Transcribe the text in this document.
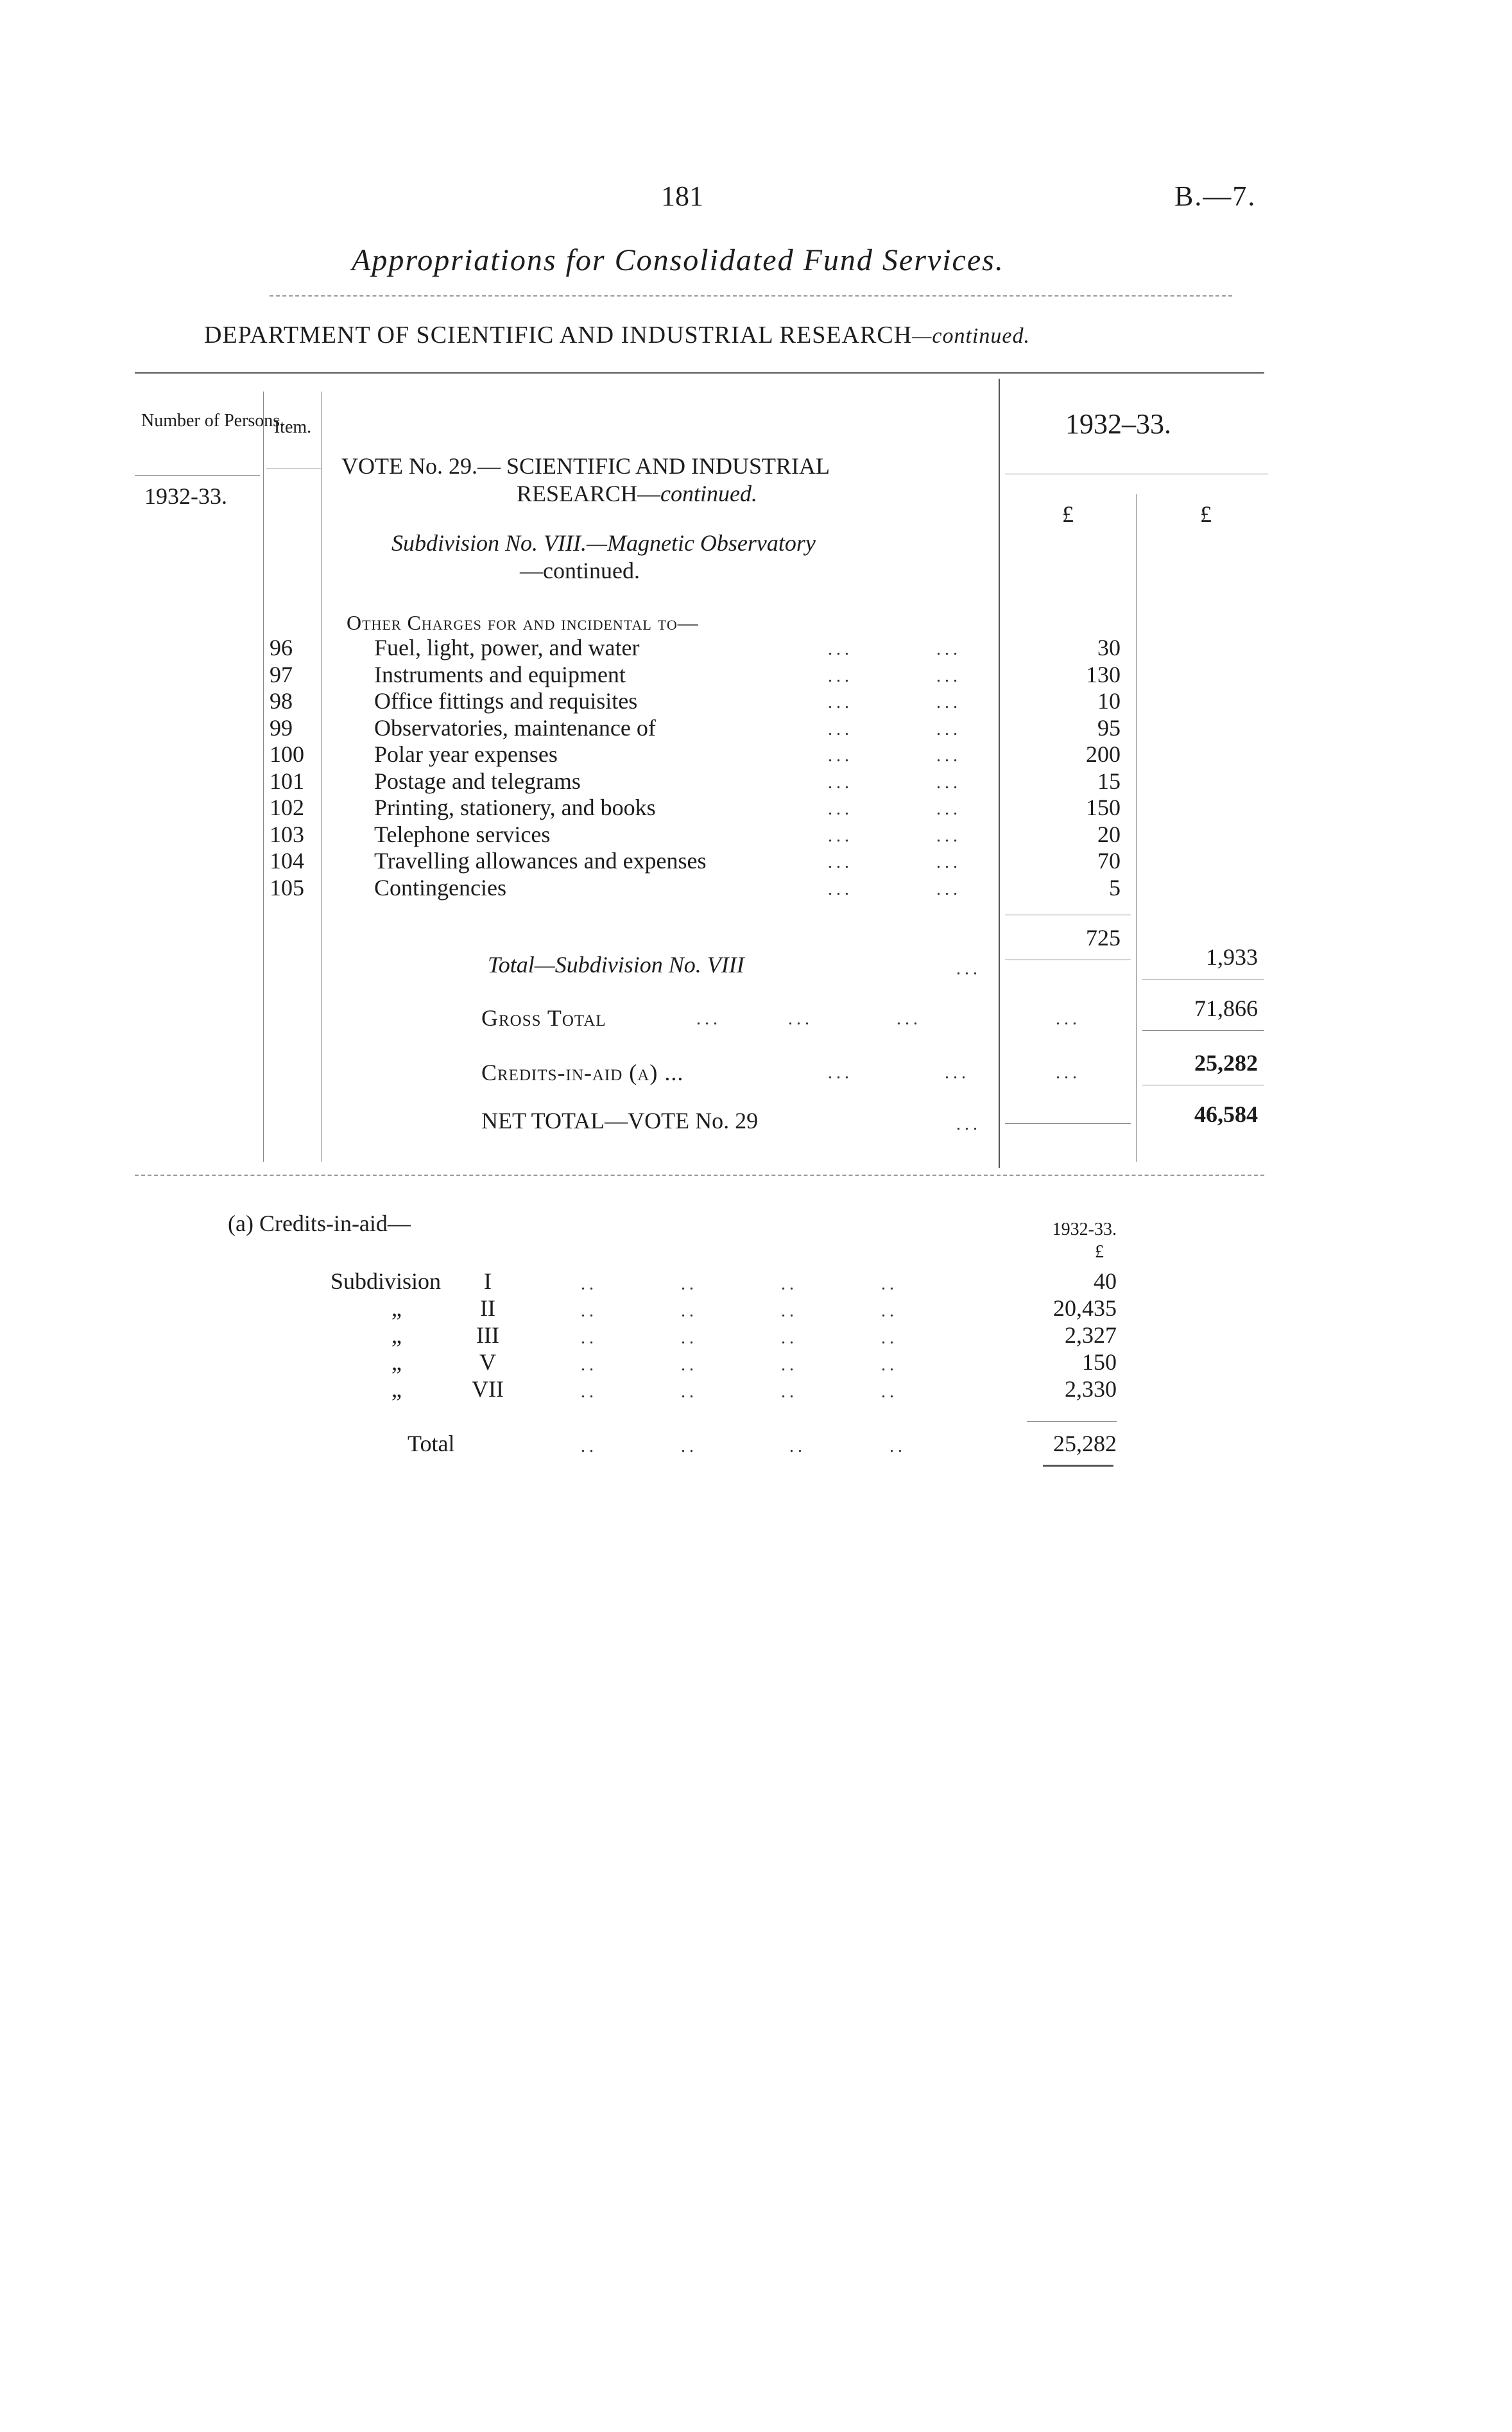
181	B.—7.
Appropriations for Consolidated Fund Services.
DEPARTMENT OF SCIENTIFIC AND INDUSTRIAL RESEARCH—continued.
Number of Persons.
Item.
1932-33.
1932–33.
£	£
VOTE No. 29.— SCIENTIFIC AND INDUSTRIAL
RESEARCH—continued.
Subdivision No. VIII.—Magnetic Observatory
—continued.
Other Charges for and incidental to—
96	Fuel, light, power, and water	...          ...	30
97	Instruments and equipment	...          ...	130
98	Office fittings and requisites	...          ...	10
99	Observatories, maintenance of	...          ...	95
100	Polar year expenses	...          ...	200
101	Postage and telegrams	...          ...	15
102	Printing, stationery, and books	...          ...	150
103	Telephone services	...          ...	20
104	Travelling allowances and expenses	...          ...	70
105	Contingencies	...          ...	5
725
Total—Subdivision No. VIII	...	1,933
Gross Total	...        ...          ...	...	71,866
Credits-in-aid (a) ...	...           ...	...	25,282
NET TOTAL—VOTE No. 29	...	46,584
(a) Credits-in-aid—	1932-33.
£
Subdivision	I	..          ..          ..          ..	40
„	II	..          ..          ..          ..	20,435
„	III	..          ..          ..          ..	2,327
„	V	..          ..          ..          ..	150
„	VII	..          ..          ..          ..	2,330
Total	..          ..           ..          ..	25,282
